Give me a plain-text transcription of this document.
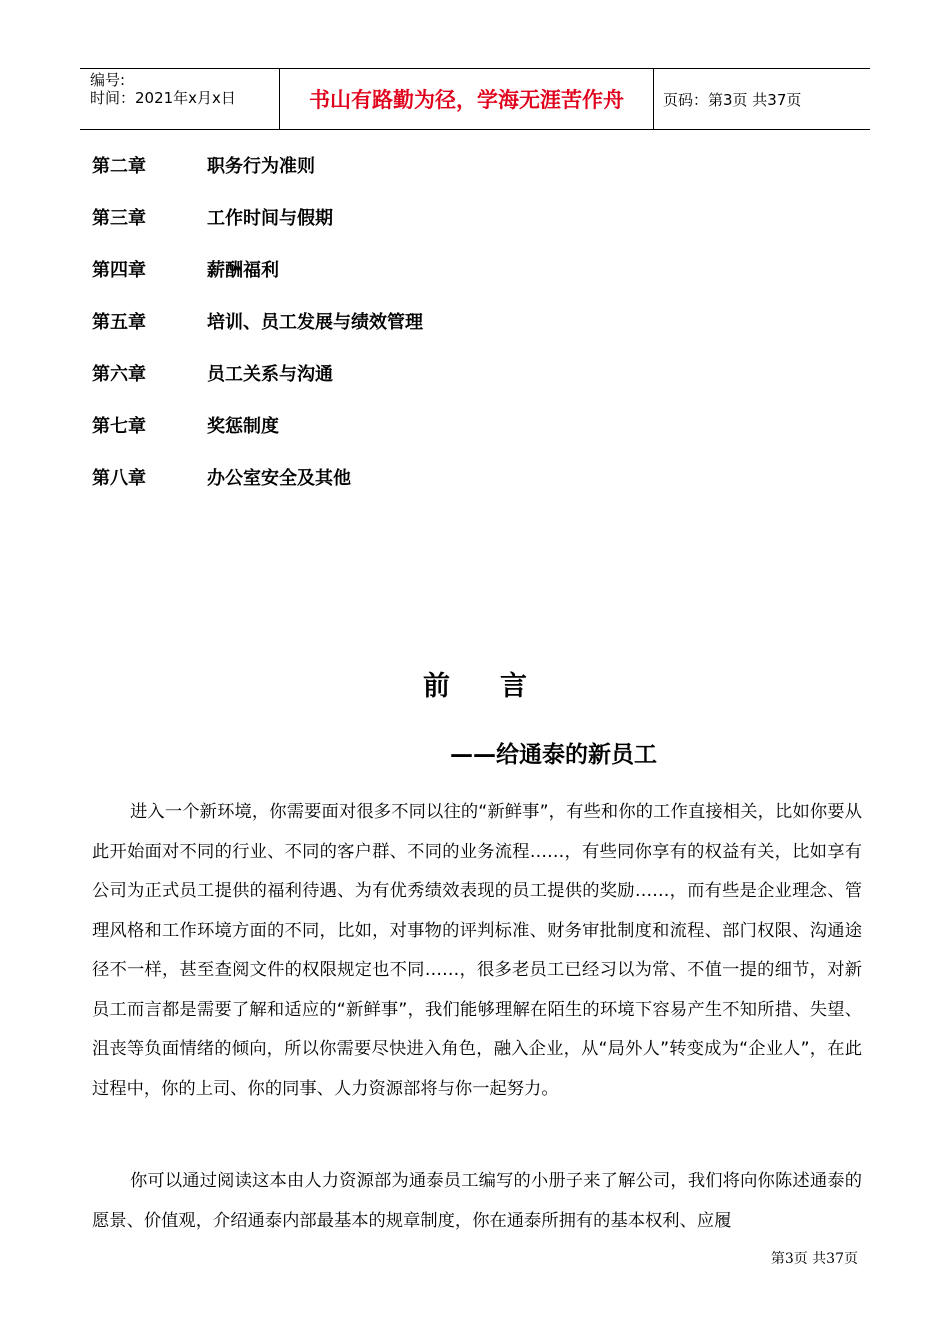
编号:
时间：2021年x月x日	书山有路勤为径，学海无涯苦作舟	页码：第3页 共37页
第二章	职务行为准则
第三章	工作时间与假期
第四章	薪酬福利
第五章	培训、员工发展与绩效管理
第六章	员工关系与沟通
第七章	奖惩制度
第八章	办公室安全及其他
前言
——给通泰的新员工

进入一个新环境，你需要面对很多不同以往的“新鲜事”，有些和你的工作直接相关，比如你要从此开始面对不同的行业、不同的客户群、不同的业务流程……，有些同你享有的权益有关，比如享有公司为正式员工提供的福利待遇、为有优秀绩效表现的员工提供的奖励……，而有些是企业理念、管理风格和工作环境方面的不同，比如，对事物的评判标准、财务审批制度和流程、部门权限、沟通途径不一样，甚至查阅文件的权限规定也不同……，很多老员工已经习以为常、不值一提的细节，对新员工而言都是需要了解和适应的“新鲜事”，我们能够理解在陌生的环境下容易产生不知所措、失望、沮丧等负面情绪的倾向，所以你需要尽快进入角色，融入企业，从“局外人”转变成为“企业人”，在此过程中，你的上司、你的同事、人力资源部将与你一起努力。

你可以通过阅读这本由人力资源部为通泰员工编写的小册子来了解公司，我们将向你陈述通泰的愿景、价值观，介绍通泰内部最基本的规章制度，你在通泰所拥有的基本权利、应履

第3页 共37页
